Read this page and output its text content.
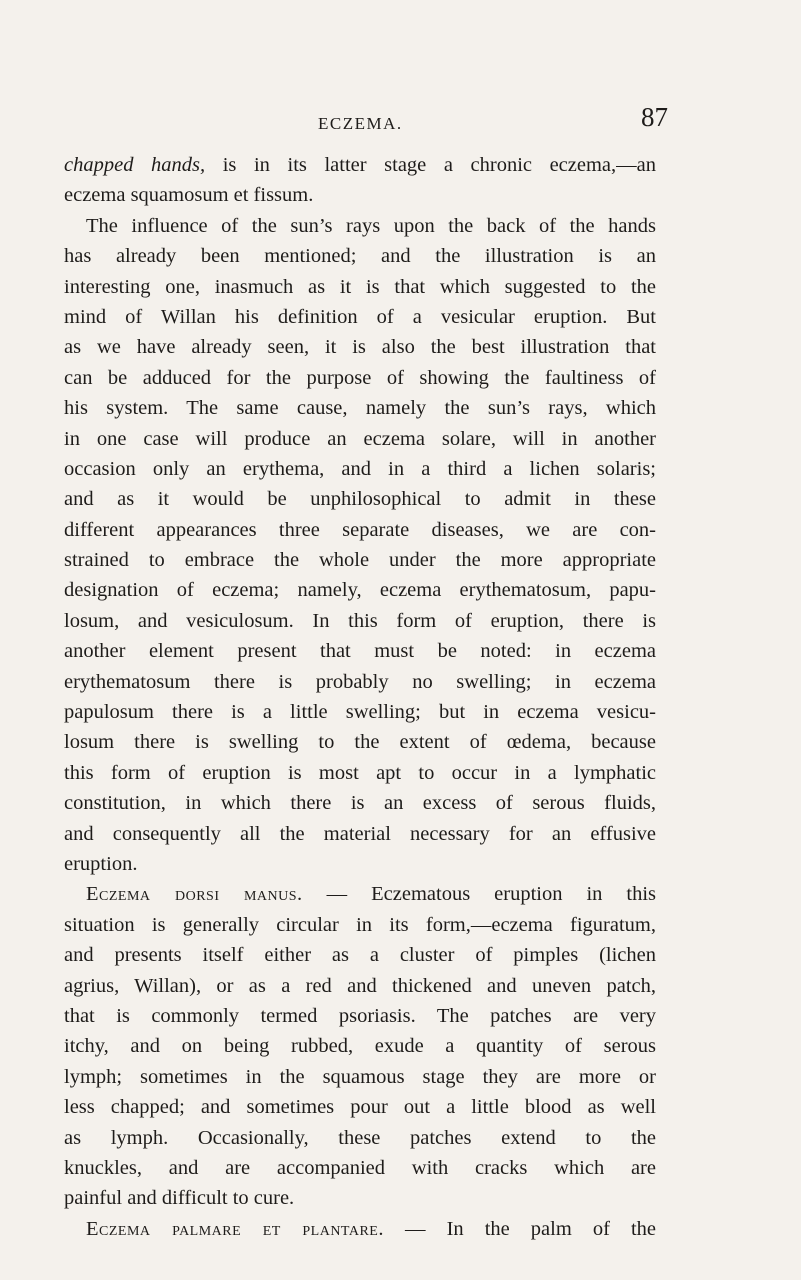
ECZEMA.	87
chapped hands, is in its latter stage a chronic eczema,—an
eczema squamosum et fissum.
The influence of the sun’s rays upon the back of the hands
has already been mentioned; and the illustration is an
interesting one, inasmuch as it is that which suggested to the
mind of Willan his definition of a vesicular eruption. But
as we have already seen, it is also the best illustration that
can be adduced for the purpose of showing the faultiness of
his system. The same cause, namely the sun’s rays, which
in one case will produce an eczema solare, will in another
occasion only an erythema, and in a third a lichen solaris;
and as it would be unphilosophical to admit in these
different appearances three separate diseases, we are con-
strained to embrace the whole under the more appropriate
designation of eczema; namely, eczema erythematosum, papu-
losum, and vesiculosum. In this form of eruption, there is
another element present that must be noted: in eczema
erythematosum there is probably no swelling; in eczema
papulosum there is a little swelling; but in eczema vesicu-
losum there is swelling to the extent of œdema, because
this form of eruption is most apt to occur in a lymphatic
constitution, in which there is an excess of serous fluids,
and consequently all the material necessary for an effusive
eruption.
Eczema dorsi manus. — Eczematous eruption in this
situation is generally circular in its form,—eczema figuratum,
and presents itself either as a cluster of pimples (lichen
agrius, Willan), or as a red and thickened and uneven patch,
that is commonly termed psoriasis. The patches are very
itchy, and on being rubbed, exude a quantity of serous
lymph; sometimes in the squamous stage they are more or
less chapped; and sometimes pour out a little blood as well
as lymph. Occasionally, these patches extend to the
knuckles, and are accompanied with cracks which are
painful and difficult to cure.
Eczema palmare et plantare. — In the palm of the
